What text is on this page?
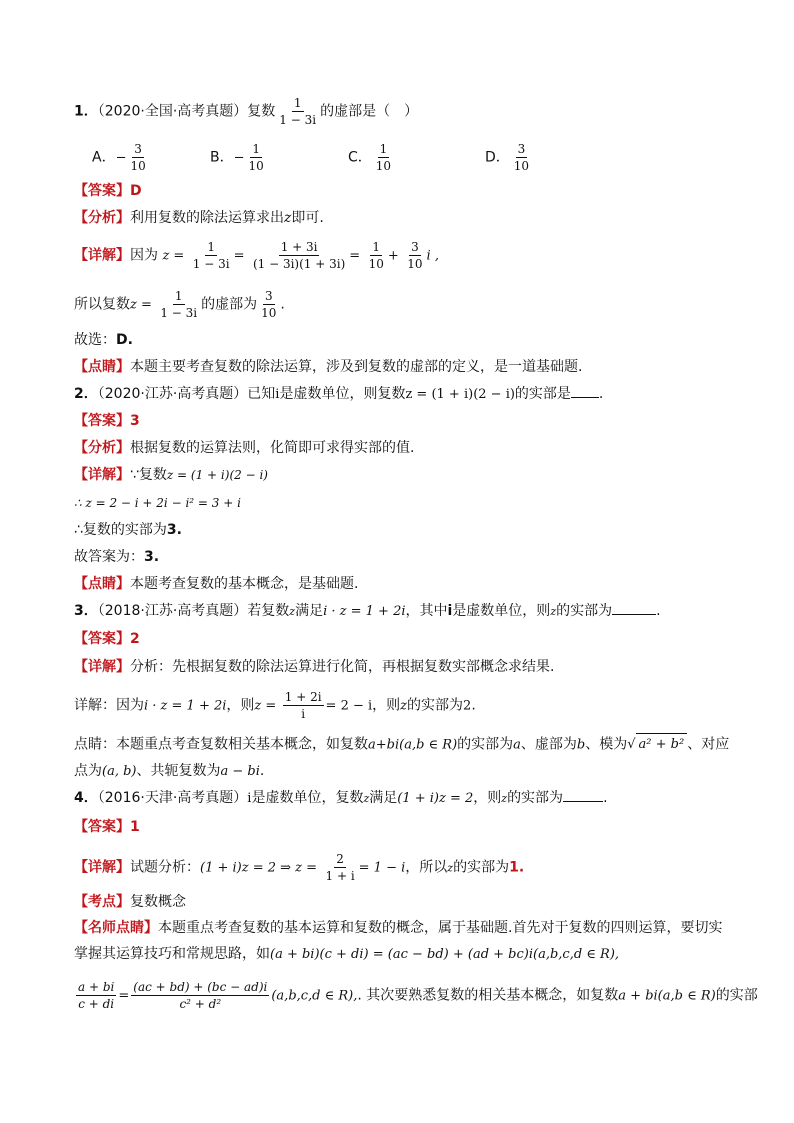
1．（2020·全国·高考真题）复数 $\frac{1}{1 - 3i}$ 的虚部是（　）
A．− $\frac{3}{10}$	B．− $\frac{1}{10}$	C． $\frac{1}{10}$	D． $\frac{3}{10}$
【答案】D
【分析】利用复数的除法运算求出z即可.
【详解】因为 $z = \frac{1}{1 - 3i} = \frac{1 + 3i}{(1 - 3i)(1 + 3i)} = \frac{1}{10} + \frac{3}{10}$ i ,
所以复数$z = \frac{1}{1 - 3i}$ 的虚部为 $\frac{3}{10}$ .
故选：D.
【点睛】本题主要考查复数的除法运算，涉及到复数的虚部的定义，是一道基础题.
2．（2020·江苏·高考真题）已知i是虚数单位，则复数z = (1 + i)(2 − i)的实部是 .
【答案】3
【分析】根据复数的运算法则，化简即可求得实部的值.
【详解】∵复数z = (1 + i)(2 − i)
∴ z = 2 − i + 2i − i² = 3 + i
∴复数的实部为3.
故答案为：3.
【点睛】本题考查复数的基本概念，是基础题.
3．（2018·江苏·高考真题）若复数z满足i · z = 1 + 2i，其中i是虚数单位，则z的实部为	.
【答案】2
【详解】分析：先根据复数的除法运算进行化简，再根据复数实部概念求结果.
详解：因为i · z = 1 + 2i，则$z = \frac{1 + 2i}{i} = 2 - i$，则z的实部为2.
点睛：本题重点考查复数相关基本概念，如复数a+bi(a,b ∈ R)的实部为a、虚部为b、模为 √ a² + b² 、对应
点为(a, b)、共轭复数为a − bi.
4．（2016·天津·高考真题）i是虚数单位，复数z满足(1 + i)z = 2，则z的实部为	.
【答案】1
【详解】试题分析：(1 + i)z = 2 ⇒ $z = \frac{2}{1 + i} = 1 - i$，所以z的实部为1.
【考点】复数概念
【名师点睛】本题重点考查复数的基本运算和复数的概念，属于基础题.首先对于复数的四则运算，要切实
掌握其运算技巧和常规思路，如(a + bi)(c + di) = (ac − bd) + (ad + bc)i(a,b,c,d ∈ R),
$\frac{a + bi}{c + di} = \frac{(ac + bd) + (bc - ad)i}{\text{c² + d²}} (a,b,c,d$ ∈ R),. 其次要熟悉复数的相关基本概念，如复数a + bi(a,b ∈ R)的实部
